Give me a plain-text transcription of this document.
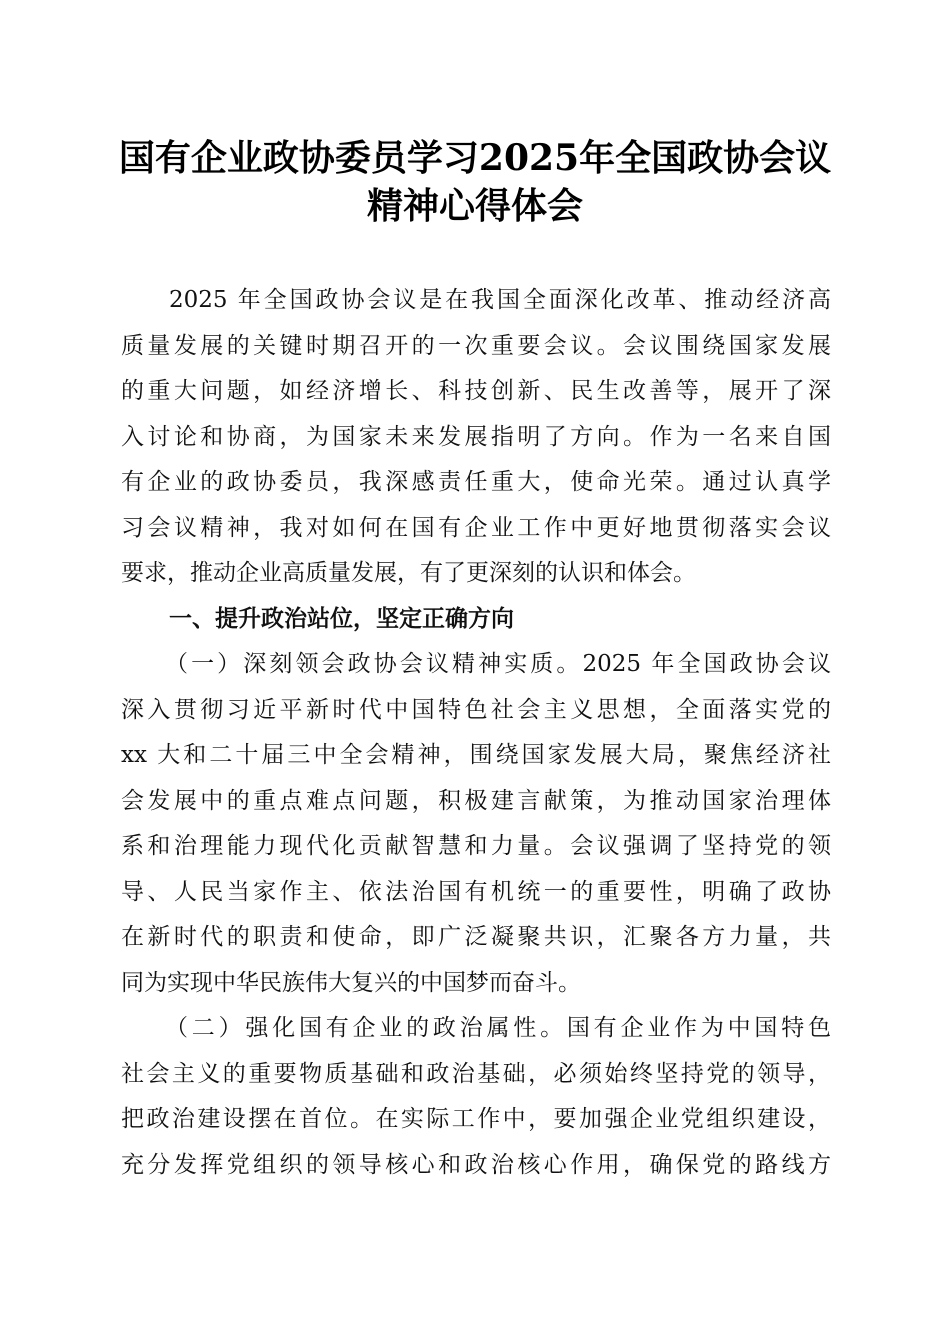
国有企业政协委员学习2025年全国政协会议
精神心得体会
2025 年全国政协会议是在我国全面深化改革、推动经济高
质量发展的关键时期召开的一次重要会议。会议围绕国家发展
的重大问题，如经济增长、科技创新、民生改善等，展开了深
入讨论和协商，为国家未来发展指明了方向。作为一名来自国
有企业的政协委员，我深感责任重大，使命光荣。通过认真学
习会议精神，我对如何在国有企业工作中更好地贯彻落实会议
要求，推动企业高质量发展，有了更深刻的认识和体会。
一、提升政治站位，坚定正确方向
（一）深刻领会政协会议精神实质。2025 年全国政协会议
深入贯彻习近平新时代中国特色社会主义思想，全面落实党的
xx 大和二十届三中全会精神，围绕国家发展大局，聚焦经济社
会发展中的重点难点问题，积极建言献策，为推动国家治理体
系和治理能力现代化贡献智慧和力量。会议强调了坚持党的领
导、人民当家作主、依法治国有机统一的重要性，明确了政协
在新时代的职责和使命，即广泛凝聚共识，汇聚各方力量，共
同为实现中华民族伟大复兴的中国梦而奋斗。
（二）强化国有企业的政治属性。国有企业作为中国特色
社会主义的重要物质基础和政治基础，必须始终坚持党的领导，
把政治建设摆在首位。在实际工作中，要加强企业党组织建设，
充分发挥党组织的领导核心和政治核心作用，确保党的路线方
